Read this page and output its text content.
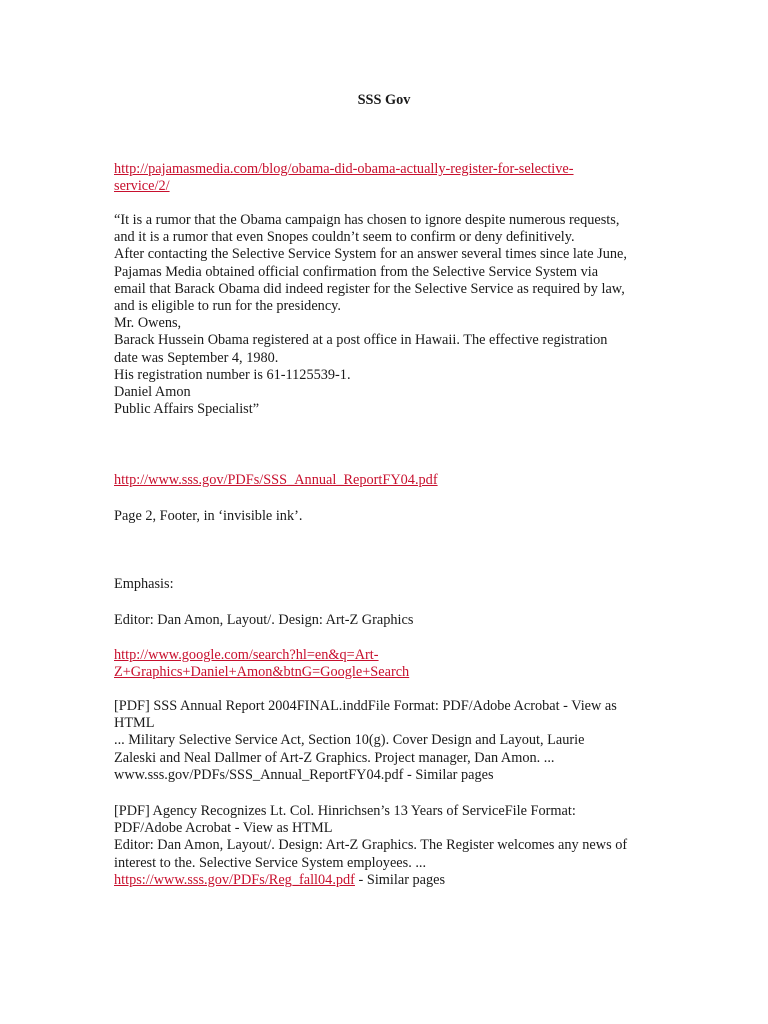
SSS Gov
http://pajamasmedia.com/blog/obama-did-obama-actually-register-for-selective-
service/2/
“It is a rumor that the Obama campaign has chosen to ignore despite numerous requests,
and it is a rumor that even Snopes couldn’t seem to confirm or deny definitively.
After contacting the Selective Service System for an answer several times since late June,
Pajamas Media obtained official confirmation from the Selective Service System via
email that Barack Obama did indeed register for the Selective Service as required by law,
and is eligible to run for the presidency.
Mr. Owens,
Barack Hussein Obama registered at a post office in Hawaii. The effective registration
date was September 4, 1980.
His registration number is 61-1125539-1.
Daniel Amon
Public Affairs Specialist”
http://www.sss.gov/PDFs/SSS_Annual_ReportFY04.pdf
Page 2, Footer, in ‘invisible ink’.
Emphasis:
Editor: Dan Amon, Layout/. Design: Art-Z Graphics
http://www.google.com/search?hl=en&q=Art-
Z+Graphics+Daniel+Amon&btnG=Google+Search
[PDF] SSS Annual Report 2004FINAL.inddFile Format: PDF/Adobe Acrobat - View as
HTML
... Military Selective Service Act, Section 10(g). Cover Design and Layout, Laurie
Zaleski and Neal Dallmer of Art-Z Graphics. Project manager, Dan Amon. ...
www.sss.gov/PDFs/SSS_Annual_ReportFY04.pdf - Similar pages
[PDF] Agency Recognizes Lt. Col. Hinrichsen’s 13 Years of ServiceFile Format:
PDF/Adobe Acrobat - View as HTML
Editor: Dan Amon, Layout/. Design: Art-Z Graphics. The Register welcomes any news of
interest to the. Selective Service System employees. ...
https://www.sss.gov/PDFs/Reg_fall04.pdf - Similar pages
